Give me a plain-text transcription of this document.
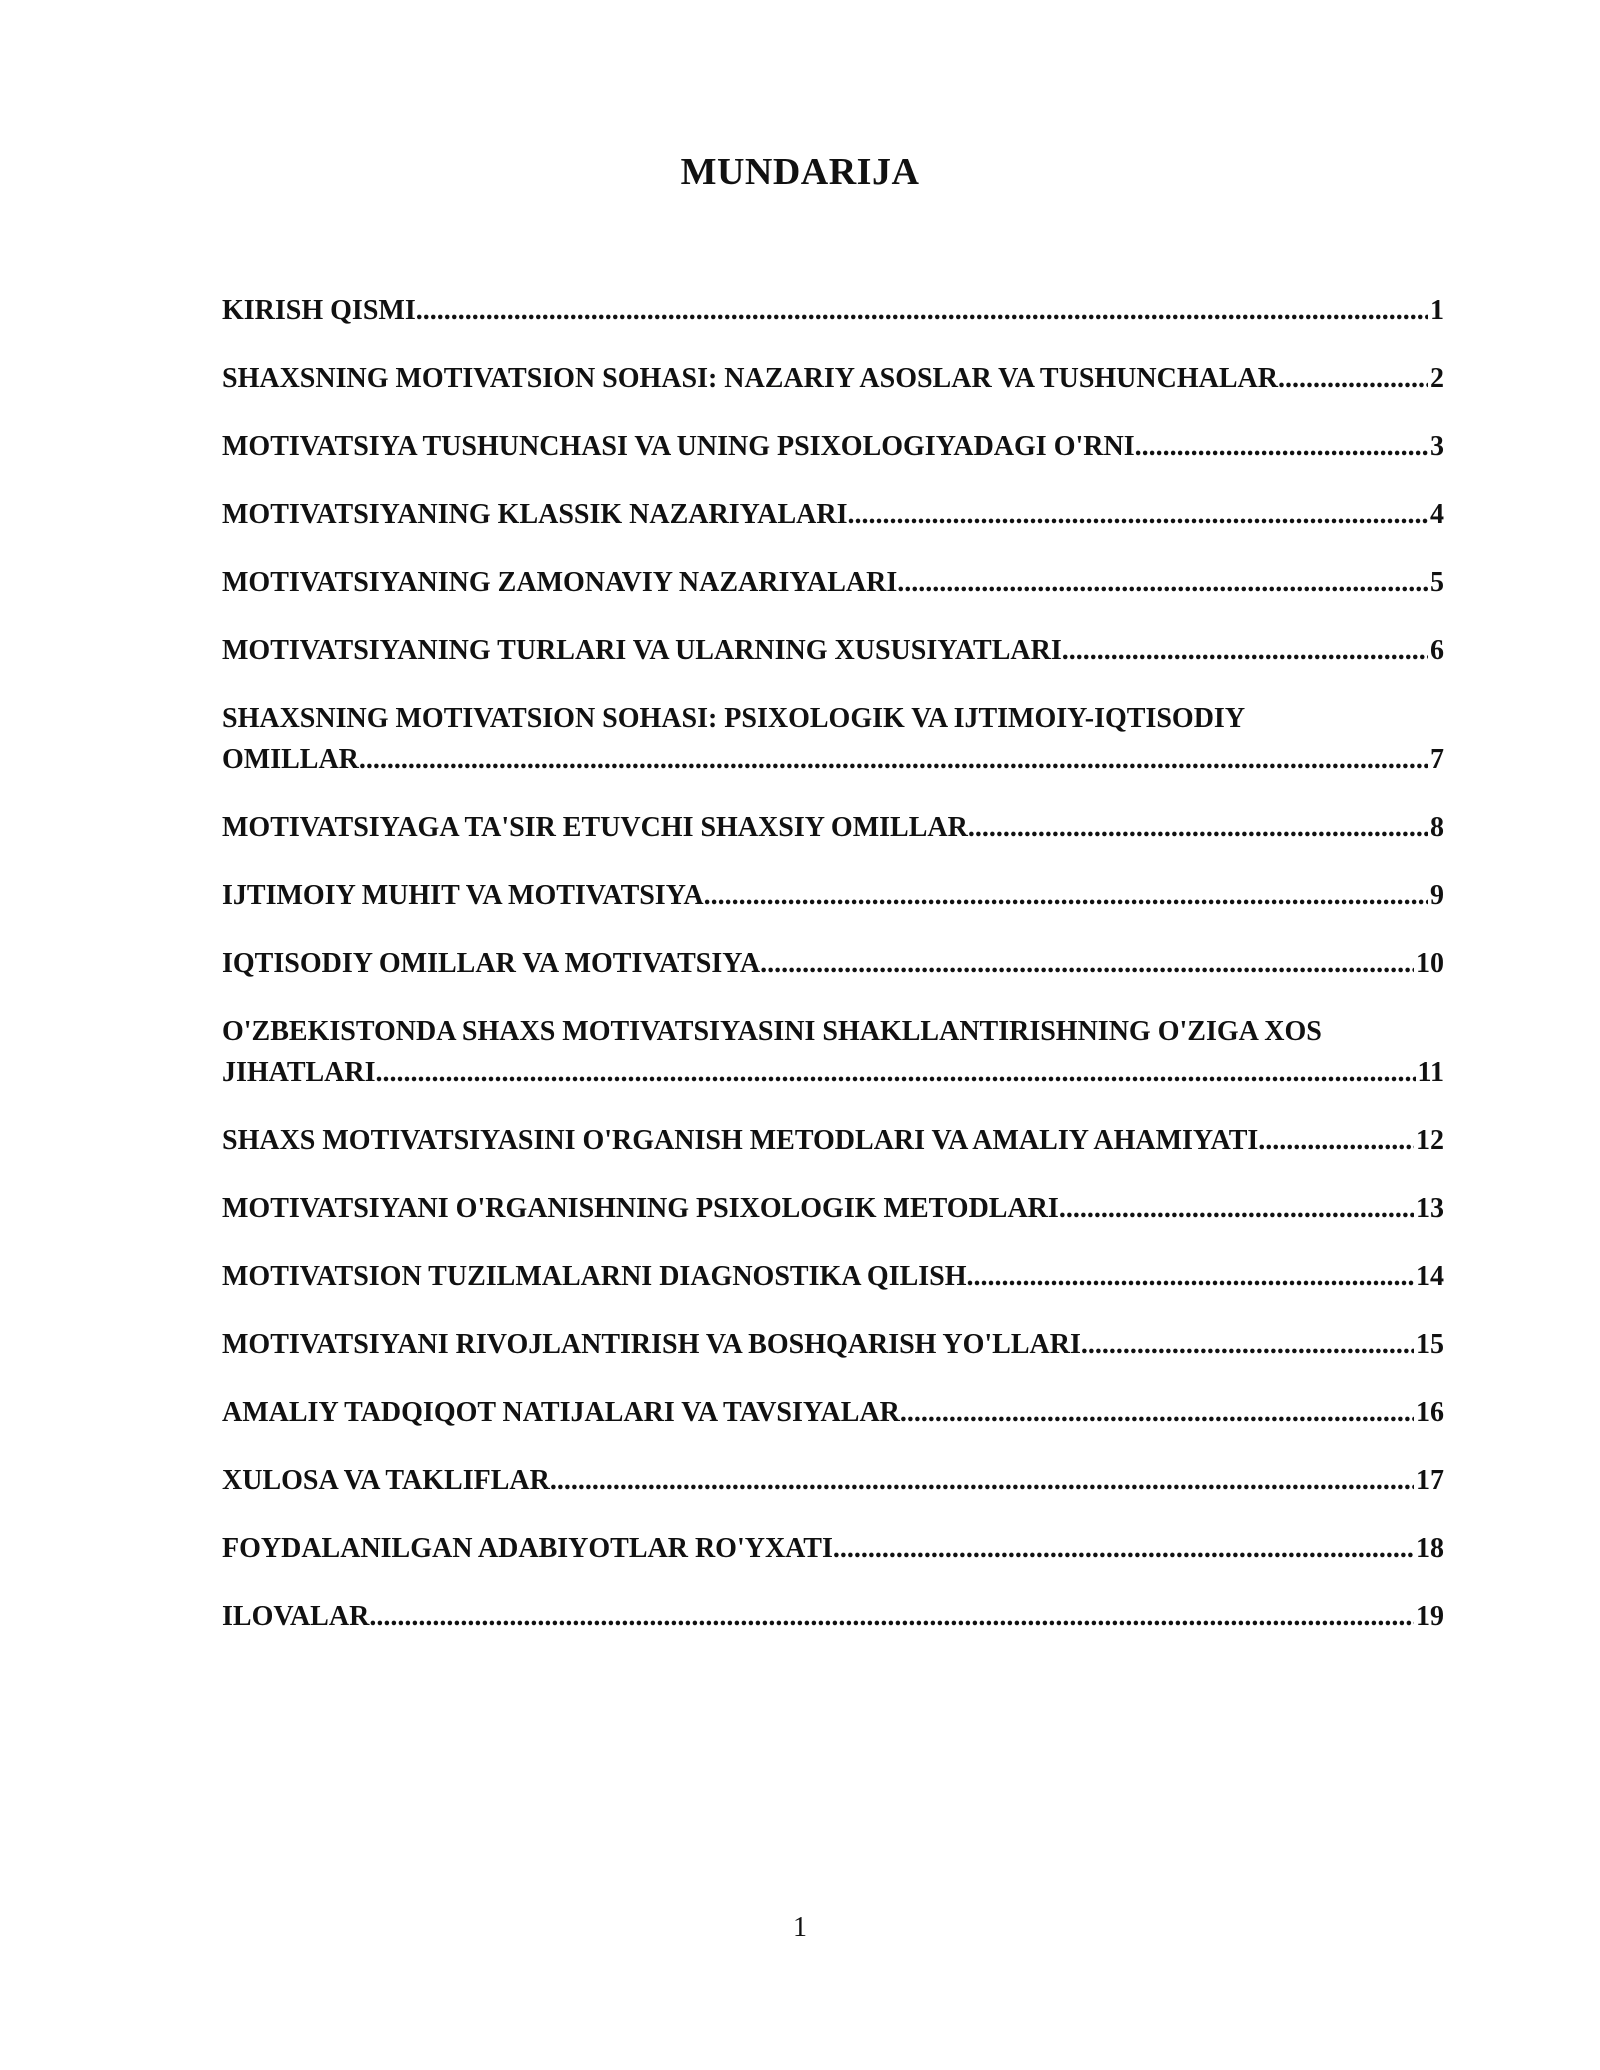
MUNDARIJA
KIRISH QISMI .....	1
SHAXSNING MOTIVATSION SOHASI: NAZARIY ASOSLAR VA TUSHUNCHALAR .....	2
MOTIVATSIYA TUSHUNCHASI VA UNING PSIXOLOGIYADAGI O'RNI .....	3
MOTIVATSIYANING KLASSIK NAZARIYALARI .....	4
MOTIVATSIYANING ZAMONAVIY NAZARIYALARI .....	5
MOTIVATSIYANING TURLARI VA ULARNING XUSUSIYATLARI .....	6
SHAXSNING MOTIVATSION SOHASI: PSIXOLOGIK VA IJTIMOIY-IQTISODIY
OMILLAR .....	7
MOTIVATSIYAGA TA'SIR ETUVCHI SHAXSIY OMILLAR .....	8
IJTIMOIY MUHIT VA MOTIVATSIYA .....	9
IQTISODIY OMILLAR VA MOTIVATSIYA .....	10
O'ZBEKISTONDA SHAXS MOTIVATSIYASINI SHAKLLANTIRISHNING O'ZIGA XOS
JIHATLARI .....	11
SHAXS MOTIVATSIYASINI O'RGANISH METODLARI VA AMALIY AHAMIYATI .....	12
MOTIVATSIYANI O'RGANISHNING PSIXOLOGIK METODLARI .....	13
MOTIVATSION TUZILMALARNI DIAGNOSTIKA QILISH .....	14
MOTIVATSIYANI RIVOJLANTIRISH VA BOSHQARISH YO'LLARI .....	15
AMALIY TADQIQOT NATIJALARI VA TAVSIYALAR .....	16
XULOSA VA TAKLIFLAR .....	17
FOYDALANILGAN ADABIYOTLAR RO'YXATI .....	18
ILOVALAR .....	19
1
